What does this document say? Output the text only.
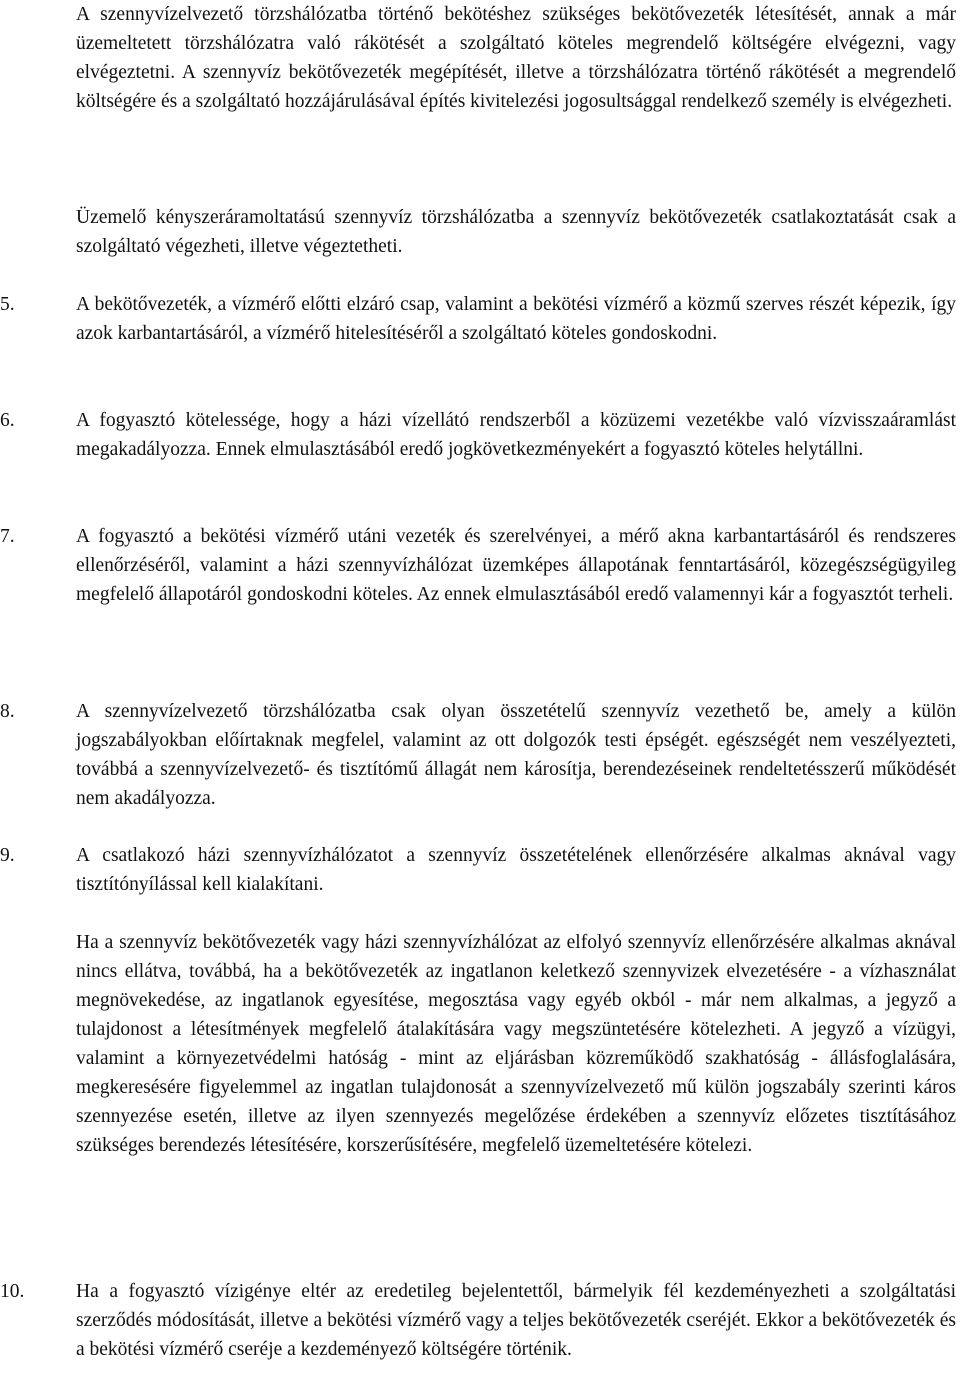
A szennyvízelvezető törzshálózatba történő bekötéshez szükséges bekötővezeték létesítését, annak a már üzemeltetett törzshálózatra való rákötését a szolgáltató köteles megrendelő költségére elvégezni, vagy elvégeztetni. A szennyvíz bekötővezeték megépítését, illetve a törzshálózatra történő rákötését a megrendelő költségére és a szolgáltató hozzájárulásával építés kivitelezési jogosultsággal rendelkező személy is elvégezheti.

Üzemelő kényszeráramoltatású szennyvíz törzshálózatba a szennyvíz bekötővezeték csatlakoztatását csak a szolgáltató végezheti, illetve végeztetheti.

5.	A bekötővezeték, a vízmérő előtti elzáró csap, valamint a bekötési vízmérő a közmű szerves részét képezik, így azok karbantartásáról, a vízmérő hitelesítéséről a szolgáltató köteles gondoskodni.

6.	A fogyasztó kötelessége, hogy a házi vízellátó rendszerből a közüzemi vezetékbe való vízvisszaáramlást megakadályozza. Ennek elmulasztásából eredő jogkövetkezményekért a fogyasztó köteles helytállni.

7.	A fogyasztó a bekötési vízmérő utáni vezeték és szerelvényei, a mérő akna karbantartásáról és rendszeres ellenőrzéséről, valamint a házi szennyvízhálózat üzemképes állapotának fenntartásáról, közegészségügyileg megfelelő állapotáról gondoskodni köteles. Az ennek elmulasztásából eredő valamennyi kár a fogyasztót terheli.

8.	A szennyvízelvezető törzshálózatba csak olyan összetételű szennyvíz vezethető be, amely a külön jogszabályokban előírtaknak megfelel, valamint az ott dolgozók testi épségét. egészségét nem veszélyezteti, továbbá a szennyvízelvezető- és tisztítómű állagát nem károsítja, berendezéseinek rendeltetésszerű működését nem akadályozza.

9.	A csatlakozó házi szennyvízhálózatot a szennyvíz összetételének ellenőrzésére alkalmas aknával vagy tisztítónyílással kell kialakítani.

Ha a szennyvíz bekötővezeték vagy házi szennyvízhálózat az elfolyó szennyvíz ellenőrzésére alkalmas aknával nincs ellátva, továbbá, ha a bekötővezeték az ingatlanon keletkező szennyvizek elvezetésére - a vízhasználat megnövekedése, az ingatlanok egyesítése, megosztása vagy egyéb okból - már nem alkalmas, a jegyző a tulajdonost a létesítmények megfelelő átalakítására vagy megszüntetésére kötelezheti. A jegyző a vízügyi, valamint a környezetvédelmi hatóság - mint az eljárásban közreműködő szakhatóság - állásfoglalására, megkeresésére figyelemmel az ingatlan tulajdonosát a szennyvízelvezető mű külön jogszabály szerinti káros szennyezése esetén, illetve az ilyen szennyezés megelőzése érdekében a szennyvíz előzetes tisztításához szükséges berendezés létesítésére, korszerűsítésére, megfelelő üzemeltetésére kötelezi.

10.	Ha a fogyasztó vízigénye eltér az eredetileg bejelentettől, bármelyik fél kezdeményezheti a szolgáltatási szerződés módosítását, illetve a bekötési vízmérő vagy a teljes bekötővezeték cseréjét. Ekkor a bekötővezeték és a bekötési vízmérő cseréje a kezdeményező költségére történik.
